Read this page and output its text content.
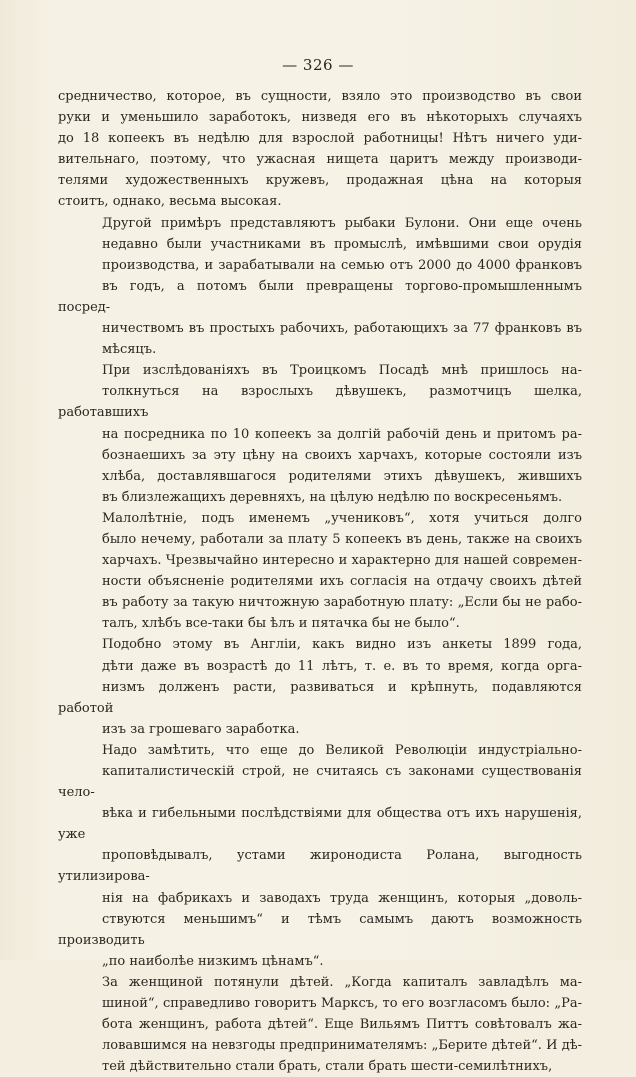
— 326 —

средничество, которое, въ сущности, взяло это производство въ свои
руки и уменьшило заработокъ, низведя его въ нѣкоторыхъ случаяхъ
до 18 копеекъ въ недѣлю для взрослой работницы! Нѣтъ ничего уди-
вительнаго, поэтому, что ужасная нищета царитъ между производи-
телями художественныхъ кружевъ, продажная цѣна на которыя
стоитъ, однако, весьма высокая.

Другой примѣръ представляютъ рыбаки Булони. Они еще очень
недавно были участниками въ промыслѣ, имѣвшими свои орудія
производства, и зарабатывали на семью отъ 2000 до 4000 франковъ
въ годъ, а потомъ были превращены торгово-промышленнымъ посред-
ничествомъ въ простыхъ рабочихъ, работающихъ за 77 франковъ въ
мѣсяцъ.

При изслѣдованіяхъ въ Троицкомъ Посадѣ мнѣ пришлось на-
толкнуться на взрослыхъ дѣвушекъ, размотчицъ шелка, работавшихъ
на посредника по 10 копеекъ за долгій рабочій день и притомъ ра-
бознаешихъ за эту цѣну на своихъ харчахъ, которые состояли изъ
хлѣба, доставлявшагося родителями этихъ дѣвушекъ, жившихъ
въ близлежащихъ деревняхъ, на цѣлую недѣлю по воскресеньямъ.

Малолѣтніе, подъ именемъ „учениковъ“, хотя учиться долго
было нечему, работали за плату 5 копеекъ въ день, также на своихъ
харчахъ. Чрезвычайно интересно и характерно для нашей современ-
ности объясненіе родителями ихъ согласія на отдачу своихъ дѣтей
въ работу за такую ничтожную заработную плату: „Если бы не рабо-
талъ, хлѣбъ все-таки бы ѣлъ и пятачка бы не было“.

Подобно этому въ Англіи, какъ видно изъ анкеты 1899 года,
дѣти даже въ возрастѣ до 11 лѣтъ, т. е. въ то время, когда орга-
низмъ долженъ расти, развиваться и крѣпнуть, подавляются работой
изъ за грошеваго заработка.

Надо замѣтить, что еще до Великой Революціи индустріально-
капиталистическій строй, не считаясь съ законами существованія чело-
вѣка и гибельными послѣдствіями для общества отъ ихъ нарушенія, уже
проповѣдывалъ, устами жиронодиста Ролана, выгодность утилизирова-
нія на фабрикахъ и заводахъ труда женщинъ, которыя „доволь-
ствуются меньшимъ“ и тѣмъ самымъ даютъ возможность производить
„по наиболѣе низкимъ цѣнамъ“.

За женщиной потянули дѣтей. „Когда капиталъ завладѣлъ ма-
шиной“, справедливо говоритъ Марксъ, то его возгласомъ было: „Ра-
бота женщинъ, работа дѣтей“. Еще Вильямъ Питтъ совѣтовалъ жа-
ловавшимся на невзгоды предпринимателямъ: „Берите дѣтей“. И дѣ-
тей дѣйствительно стали брать, стали брать шести-семилѣтнихъ,
